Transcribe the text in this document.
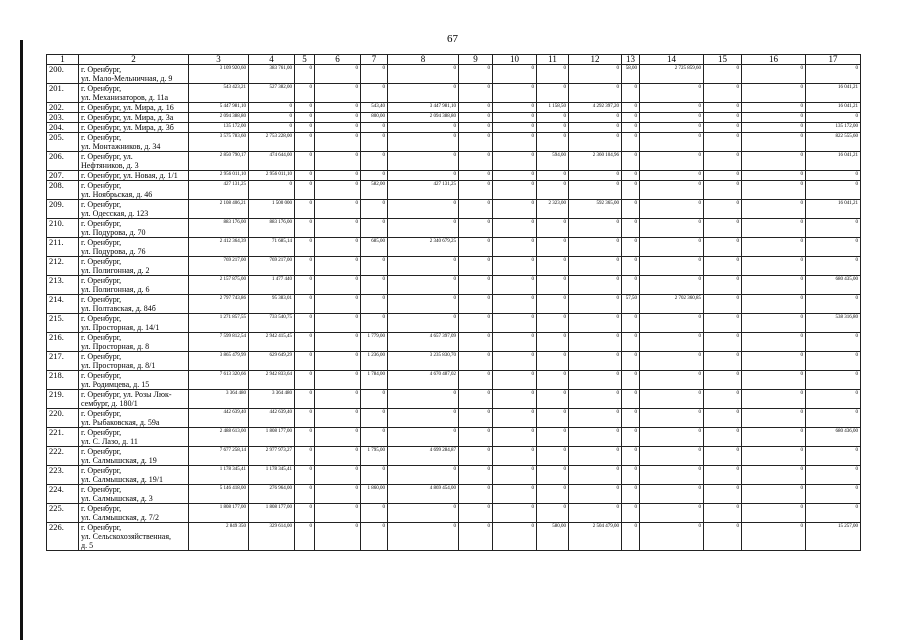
67
1	2	3	4	5	6	7	8	9	10	11	12	13	14	15	16	17
200.	г. Оренбург,
ул. Мало-Мельничная, д. 9	3 109 920,60	383 761,00	0	0	0	0	0	0	0	0	58,00	2 725 859,60	0	0	0
201.	г. Оренбург,
ул. Механизаторов, д. 11а	543 423,21	527 382,00	0	0	0	0	0	0	0	0	0	0	0	0	16 041,21
202.	г. Оренбург, ул. Мира, д. 16	5 447 981,10	0	0	0	543,40	3 447 981,10	0	0	1 158,50	4 292 397,20	0	0	0	0	16 041,21
203.	г. Оренбург, ул. Мира, д. 3а	2 094 388,80	0	0	0	800,00	2 094 388,80	0	0	0	0	0	0	0	0	0
204.	г. Оренбург, ул. Мира, д. 3б	135 172,00	0	0	0	0	0	0	0	0	0	0	0	0	0	135 172,00
205.	г. Оренбург,
ул. Монтажников, д. 34	3 575 783,60	2 753 228,00	0	0	0	0	0	0	0	0	0	0	0	0	822 555,60
206.	г. Оренбург, ул.
Нефтяников, д. 3	2 850 790,17	474 644,00	0	0	0	0	0	0	594,00	2 360 104,96	0	0	0	0	16 041,21
207.	г. Оренбург, ул. Новая, д. 1/1	2 956 011,10	2 956 011,10	0	0	0	0	0	0	0	0	0	0	0	0	0
208.	г. Оренбург,
ул. Ноябрьская, д. 46	427 131,25	0	0	0	582,00	427 131,25	0	0	0	0	0	0	0	0	0
209.	г. Оренбург,
ул. Одесская, д. 123	2 108 406,21	1 500 000	0	0	0	0	0	0	2 323,00	592 365,00	0	0	0	0	16 041,21
210.	г. Оренбург,
ул. Подурова, д. 70	883 176,00	883 176,00	0	0	0	0	0	0	0	0	0	0	0	0	0
211.	г. Оренбург,
ул. Подурова, д. 76	2 412 364,39	71 685,14	0	0	685,00	2 340 679,25	0	0	0	0	0	0	0	0	0
212.	г. Оренбург,
ул. Полигонная, д. 2	769 217,00	769 217,00	0	0	0	0	0	0	0	0	0	0	0	0	0
213.	г. Оренбург,
ул. Полигонная, д. 6	2 157 875,00	1 477 440	0	0	0	0	0	0	0	0	0	0	0	0	680 435,00
214.	г. Оренбург,
ул. Полтавская, д. 84б	2 797 743,86	95 383,01	0	0	0	0	0	0	0	0	57,50	2 702 360,85	0	0	0
215.	г. Оренбург,
ул. Просторная, д. 14/1	1 271 857,55	733 540,75	0	0	0	0	0	0	0	0	0	0	0	0	538 316,80
216.	г. Оренбург,
ул. Просторная, д. 8	7 599 812,54	2 942 415,45	0	0	1 779,00	4 657 397,09	0	0	0	0	0	0	0	0	0
217.	г. Оренбург,
ул. Просторная, д. 8/1	3 865 479,99	629 649,29	0	0	1 236,00	3 235 830,70	0	0	0	0	0	0	0	0	0
218.	г. Оренбург,
ул. Родимцева, д. 15	7 613 320,66	2 942 833,64	0	0	1 784,00	4 670 487,02	0	0	0	0	0	0	0	0	0
219.	г. Оренбург, ул. Розы Люк-
сембург, д. 180/1	3 364 480	3 364 480	0	0	0	0	0	0	0	0	0	0	0	0	0
220.	г. Оренбург,
ул. Рыбаковская, д. 59а	442 639,40	442 639,40	0	0	0	0	0	0	0	0	0	0	0	0	0
221.	г. Оренбург,
ул. С. Лазо, д. 11	2 488 613,00	1 808 177,00	0	0	0	0	0	0	0	0	0	0	0	0	680 436,00
222.	г. Оренбург,
ул. Салмышская, д. 19	7 677 258,14	2 977 973,27	0	0	1 795,00	4 699 284,87	0	0	0	0	0	0	0	0	0
223.	г. Оренбург,
ул. Салмышская, д. 19/1	1 178 345,41	1 178 345,41	0	0	0	0	0	0	0	0	0	0	0	0	0
224.	г. Оренбург,
ул. Салмышская, д. 3	5 146 418,00	276 964,00	0	0	1 860,00	4 869 454,00	0	0	0	0	0	0	0	0	0
225.	г. Оренбург,
ул. Салмышская, д. 7/2	1 808 177,00	1 808 177,00	0	0	0	0	0	0	0	0	0	0	0	0	0
226.	г. Оренбург,
ул. Сельскохозяйственная,
д. 5	2 849 350	329 614,00	0	0	0	0	0	0	580,00	2 504 479,00	0	0	0	0	15 257,00
